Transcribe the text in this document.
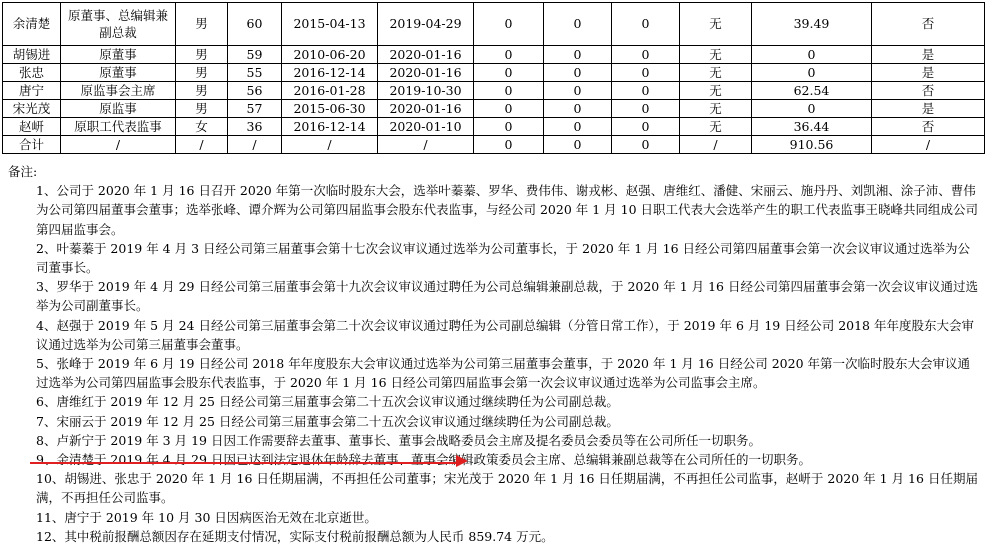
余清楚	原董事、总编辑兼副总裁	男	60	2015-04-13	2019-04-29	0	0	0	无	39.49	否
胡锡进	原董事	男	59	2010-06-20	2020-01-16	0	0	0	无	0	是
张忠	原董事	男	55	2016-12-14	2020-01-16	0	0	0	无	0	是
唐宁	原监事会主席	男	56	2016-01-28	2019-10-30	0	0	0	无	62.54	否
宋光茂	原监事	男	57	2015-06-30	2020-01-16	0	0	0	无	0	是
赵岍	原职工代表监事	女	36	2016-12-14	2020-01-10	0	0	0	无	36.44	否
合计	/	/	/	/	/	0	0	0	/	910.56	/

备注:

1、公司于 2020 年 1 月 16 日召开 2020 年第一次临时股东大会，选举叶蓁蓁、罗华、费伟伟、谢戎彬、赵强、唐维红、潘健、宋丽云、施丹丹、刘凯湘、涂子沛、曹伟为公司第四届董事会董事；选举张峰、谭介辉为公司第四届监事会股东代表监事，与经公司 2020 年 1 月 10 日职工代表大会选举产生的职工代表监事王晓峰共同组成公司第四届监事会。

2、叶蓁蓁于 2019 年 4 月 3 日经公司第三届董事会第十七次会议审议通过选举为公司董事长，于 2020 年 1 月 16 日经公司第四届董事会第一次会议审议通过选举为公司董事长。

3、罗华于 2019 年 4 月 29 日经公司第三届董事会第十九次会议审议通过聘任为公司总编辑兼副总裁，于 2020 年 1 月 16 日经公司第四届董事会第一次会议审议通过选举为公司副董事长。

4、赵强于 2019 年 5 月 24 日经公司第三届董事会第二十次会议审议通过聘任为公司副总编辑（分管日常工作），于 2019 年 6 月 19 日经公司 2018 年年度股东大会审议通过选举为公司第三届董事会董事。

5、张峰于 2019 年 6 月 19 日经公司 2018 年年度股东大会审议通过选举为公司第三届董事会董事，于 2020 年 1 月 16 日经公司 2020 年第一次临时股东大会审议通过选举为公司第四届监事会股东代表监事，于 2020 年 1 月 16 日经公司第四届监事会第一次会议审议通过选举为公司监事会主席。

6、唐维红于 2019 年 12 月 25 日经公司第三届董事会第二十五次会议审议通过继续聘任为公司副总裁。

7、宋丽云于 2019 年 12 月 25 日经公司第三届董事会第二十五次会议审议通过继续聘任为公司副总裁。

8、卢新宁于 2019 年 3 月 19 日因工作需要辞去董事、董事长、董事会战略委员会主席及提名委员会委员等在公司所任一切职务。

9、余清楚于 2019 年 4 月 29 日因已达到法定退休年龄辞去董事、董事会编辑政策委员会主席、总编辑兼副总裁等在公司所任的一切职务。

10、胡锡进、张忠于 2020 年 1 月 16 日任期届满，不再担任公司董事；宋光茂于 2020 年 1 月 16 日任期届满，不再担任公司监事，赵岍于 2020 年 1 月 16 日任期届满，不再担任公司监事。

11、唐宁于 2019 年 10 月 30 日因病医治无效在北京逝世。

12、其中税前报酬总额因存在延期支付情况，实际支付税前报酬总额为人民币 859.74 万元。
